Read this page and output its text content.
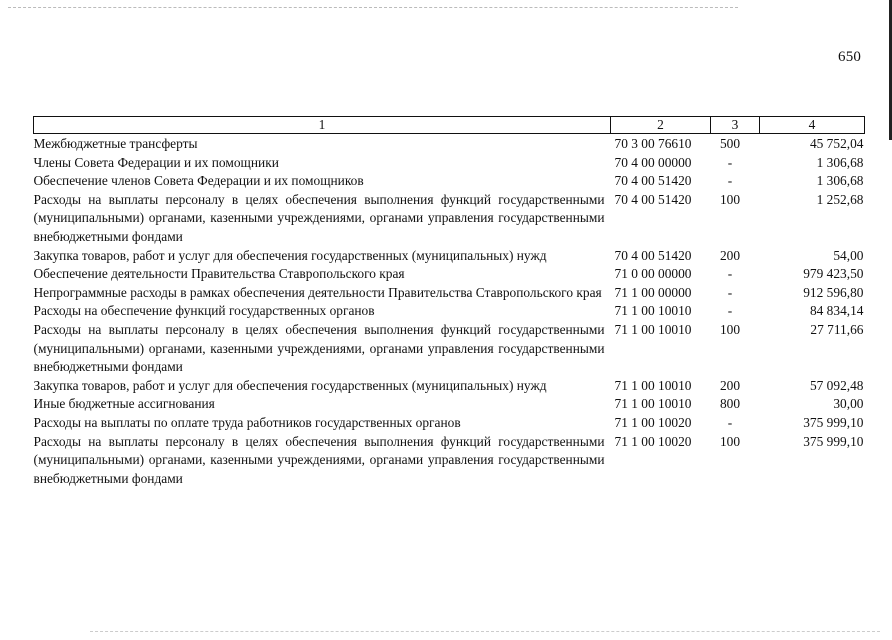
650
1	2	3	4
Межбюджетные трансферты	70 3 00 76610	500	45 752,04
Члены Совета Федерации и их помощники	70 4 00 00000	-	1 306,68
Обеспечение членов Совета Федерации и их помощников	70 4 00 51420	-	1 306,68
Расходы на выплаты персоналу в целях обеспечения выполнения функций государственными (муниципальными) органами, казенными учреждениями, органами управления государственными внебюджетными фондами	70 4 00 51420	100	1 252,68
Закупка товаров, работ и услуг для обеспечения государственных (муниципальных) нужд	70 4 00 51420	200	54,00
Обеспечение деятельности Правительства Ставропольского края	71 0 00 00000	-	979 423,50
Непрограммные расходы в рамках обеспечения деятельности Правительства Ставропольского края	71 1 00 00000	-	912 596,80
Расходы на обеспечение функций государственных органов	71 1 00 10010	-	84 834,14
Расходы на выплаты персоналу в целях обеспечения выполнения функций государственными (муниципальными) органами, казенными учреждениями, органами управления государственными внебюджетными фондами	71 1 00 10010	100	27 711,66
Закупка товаров, работ и услуг для обеспечения государственных (муниципальных) нужд	71 1 00 10010	200	57 092,48
Иные бюджетные ассигнования	71 1 00 10010	800	30,00
Расходы на выплаты по оплате труда работников государственных органов	71 1 00 10020	-	375 999,10
Расходы на выплаты персоналу в целях обеспечения выполнения функций государственными (муниципальными) органами, казенными учреждениями, органами управления государственными внебюджетными фондами	71 1 00 10020	100	375 999,10
